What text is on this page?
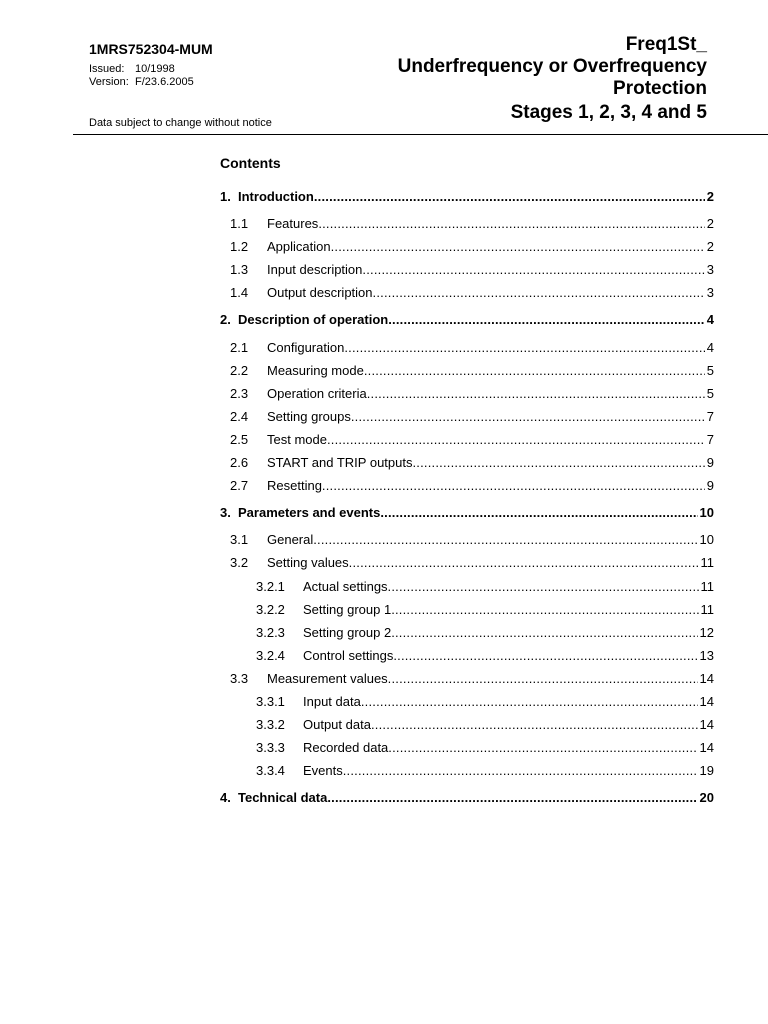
1MRS752304-MUM
Issued: 10/1998
Version: F/23.6.2005
Data subject to change without notice
Freq1St_
Underfrequency or Overfrequency
Protection
Stages 1, 2, 3, 4 and 5
Contents
1. Introduction .....	2
1.1	Features .....	2
1.2	Application .....	2
1.3	Input description .....	3
1.4	Output description .....	3
2. Description of operation .....	4
2.1	Configuration .....	4
2.2	Measuring mode .....	5
2.3	Operation criteria .....	5
2.4	Setting groups .....	7
2.5	Test mode .....	7
2.6	START and TRIP outputs .....	9
2.7	Resetting .....	9
3. Parameters and events .....	10
3.1	General .....	10
3.2	Setting values .....	11
3.2.1	Actual settings .....	11
3.2.2	Setting group 1 .....	11
3.2.3	Setting group 2 .....	12
3.2.4	Control settings .....	13
3.3	Measurement values .....	14
3.3.1	Input data .....	14
3.3.2	Output data .....	14
3.3.3	Recorded data .....	14
3.3.4	Events .....	19
4. Technical data .....	20
